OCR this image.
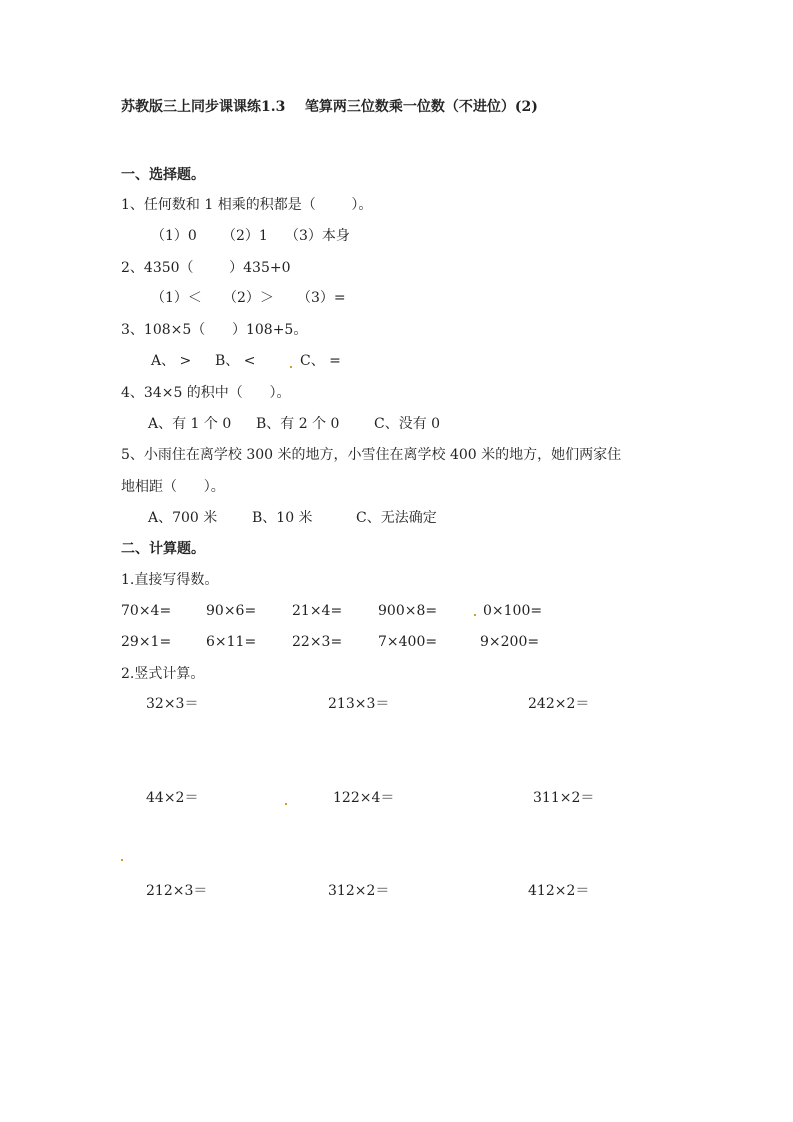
苏教版三上同步课课练1.3    笔算两三位数乘一位数（不进位）(2)
一、选择题。
1、任何数和 1 相乘的积都是（        ）。
（1）0 （2）1 （3）本身
2、4350（        ）435+0
（1）＜ （2）＞ （3）=
3、108×5（      ）108+5。
A、 > B、 <	C、 =
4、34×5 的积中（      ）。
A、有 1 个 0 B、有 2 个 0 C、没有 0
5、小雨住在离学校 300 米的地方，小雪住在离学校 400 米的地方，她们两家住
地相距（      ）。
A、700 米 B、10 米	C、无法确定
二、计算题。
1.直接写得数。
70×4= 90×6=	21×4=	900×8=	0×100=
29×1= 6×11=	22×3=	7×400=	9×200=
2.竖式计算。
32×3＝	213×3＝	242×2＝
44×2＝	122×4＝	311×2＝
212×3＝	312×2＝	412×2＝
